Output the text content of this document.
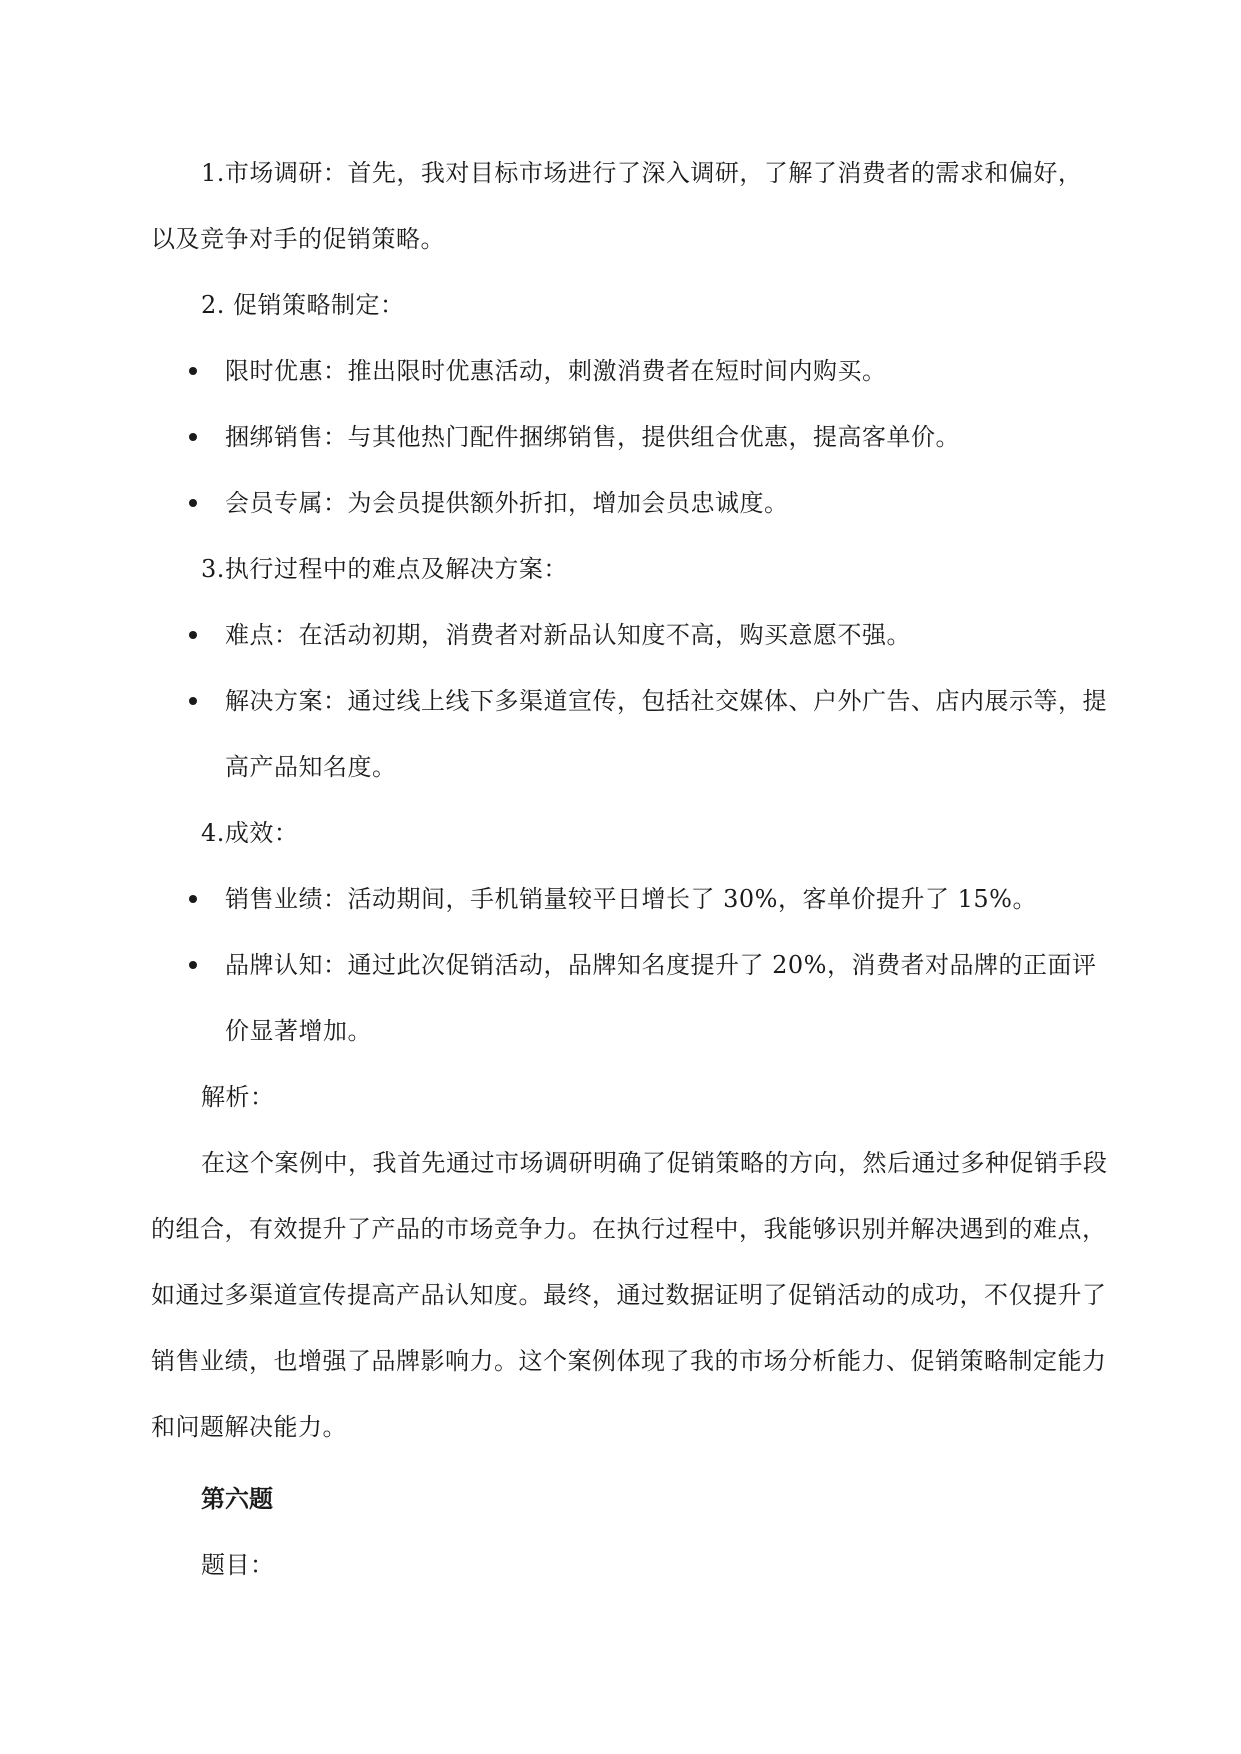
1.市场调研：首先，我对目标市场进行了深入调研，了解了消费者的需求和偏好，

以及竞争对手的促销策略。

2. 促销策略制定：

限时优惠：推出限时优惠活动，刺激消费者在短时间内购买。
捆绑销售：与其他热门配件捆绑销售，提供组合优惠，提高客单价。
会员专属：为会员提供额外折扣，增加会员忠诚度。

3.执行过程中的难点及解决方案：

难点：在活动初期，消费者对新品认知度不高，购买意愿不强。
解决方案：通过线上线下多渠道宣传，包括社交媒体、户外广告、店内展示等，提高产品知名度。

4.成效：

销售业绩：活动期间，手机销量较平日增长了 30%，客单价提升了 15%。
品牌认知：通过此次促销活动，品牌知名度提升了 20%，消费者对品牌的正面评价显著增加。

解析：

在这个案例中，我首先通过市场调研明确了促销策略的方向，然后通过多种促销手段的组合，有效提升了产品的市场竞争力。在执行过程中，我能够识别并解决遇到的难点，如通过多渠道宣传提高产品认知度。最终，通过数据证明了促销活动的成功，不仅提升了销售业绩，也增强了品牌影响力。这个案例体现了我的市场分析能力、促销策略制定能力和问题解决能力。

第六题

题目：
